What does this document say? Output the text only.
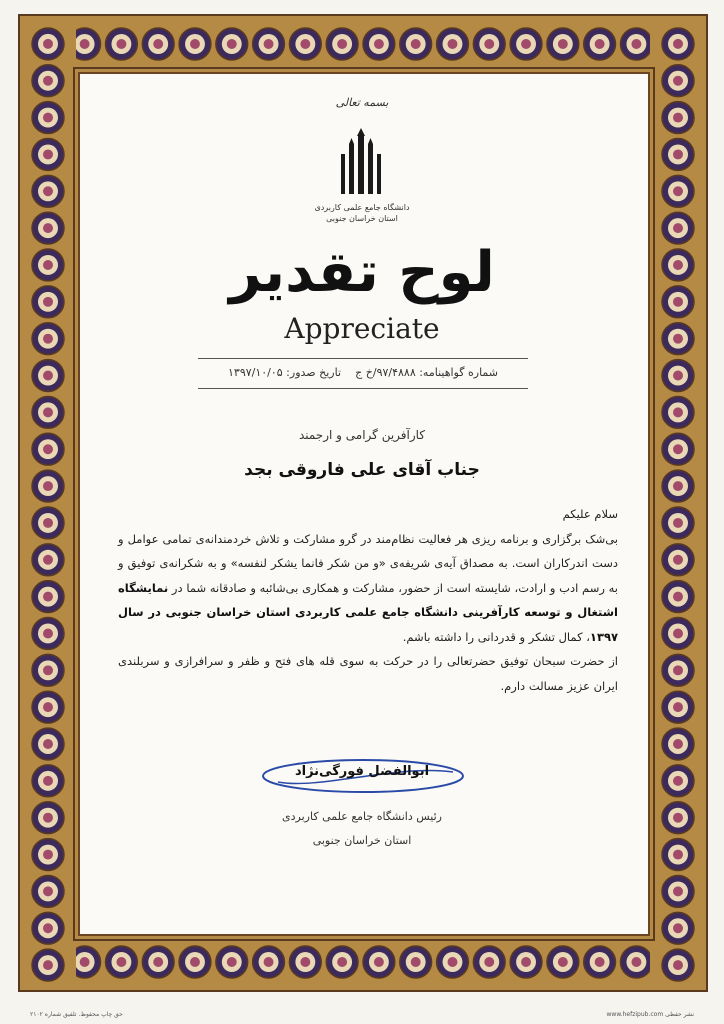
بسمه تعالی
دانشگاه جامع علمی کاربردی
استان خراسان جنوبی
لوح تقدیر
Appreciate
شماره گواهینامه: ۹۷/۴۸۸۸/خ ج
تاریخ صدور: ۱۳۹۷/۱۰/۰۵
کارآفرین گرامی و ارجمند
جناب آقای علی فاروقی بجد

سلام علیکم

بی‌شک برگزاری و برنامه ریزی هر فعالیت نظام‌مند در گرو مشارکت و تلاش خردمندانه‌ی تمامی عوامل و دست اندرکاران است. به مصداق آیه‌ی شریفه‌ی «و من شکر فانما یشکر لنفسه» و به شکرانه‌ی توفیق و به رسم ادب و ارادت، شایسته است از حضور، مشارکت و همکاری بی‌شائبه و صادقانه شما در نمایشگاه اشتغال و توسعه کارآفرینی دانشگاه جامع علمی کاربردی استان خراسان جنوبی در سال ۱۳۹۷، کمال تشکر و قدردانی را داشته باشم.

از حضرت سبحان توفیق حضرتعالی را در حرکت به سوی قله های فتح و ظفر و سرافرازی و سربلندی ایران عزیز مسالت دارم.

ابوالفضل فورگی‌نژاد
رئیس دانشگاه جامع علمی کاربردی
استان خراسان جنوبی
حق چاپ محفوظ. تلفیق شماره ۲۱۰۲	www.hefzipub.com نشر حفظی
